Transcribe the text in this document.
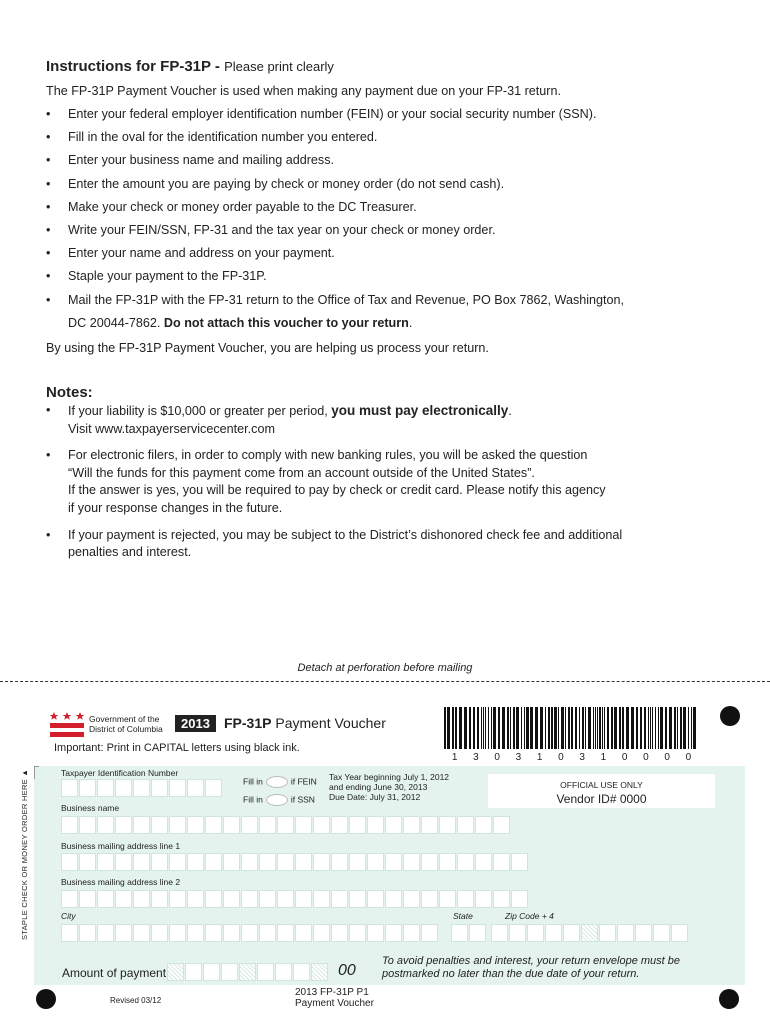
Instructions for FP-31P - Please print clearly
The FP-31P Payment Voucher is used when making any payment due on your FP-31 return.
•	Enter your federal employer identification number (FEIN) or your social security number (SSN).
•	Fill in the oval for the identification number you entered.
•	Enter your business name and mailing address.
•	Enter the amount you are paying by check or money order (do not send cash).
•	Make your check or money order payable to the DC Treasurer.
•	Write your FEIN/SSN, FP-31 and the tax year on your check or money order.
•	Enter your name and address on your payment.
•	Staple your payment to the FP-31P.
•	Mail the FP-31P with the FP-31 return to the Office of Tax and Revenue, PO Box 7862, Washington,
DC 20044-7862. Do not attach this voucher to your return.
By using the FP-31P Payment Voucher, you are helping us process your return.
Notes:
•	If your liability is $10,000 or greater per period, you must pay electronically.
Visit www.taxpayerservicecenter.com
•	For electronic filers, in order to comply with new banking rules, you will be asked the question
“Will the funds for this payment come from an account outside of the United States”.
If the answer is yes, you will be required to pay by check or credit card. Please notify this agency
if your response changes in the future.
•	If your payment is rejected, you may be subject to the District’s dishonored check fee and additional
penalties and interest.
Detach at perforation before mailing
Government of the
District of Columbia	2013	FP-31P Payment Voucher
Important: Print in CAPITAL letters using black ink.
1 3 0 3 1 0 3 1 0 0 0 0
Taxpayer Identification Number
Fill in	if FEIN
Fill in	if SSN
Tax Year beginning July 1, 2012
and ending June 30, 2013
Due Date: July 31, 2012
OFFICIAL USE ONLY
Vendor ID# 0000
Business name
Business mailing address line 1
Business mailing address line 2
City	State	Zip Code + 4
STAPLE CHECK OR MONEY ORDER HERE ▲
Amount of payment	00
To avoid penalties and interest, your return envelope must be
postmarked no later than the due date of your return.
Revised 03/12
2013 FP-31P P1
Payment Voucher
